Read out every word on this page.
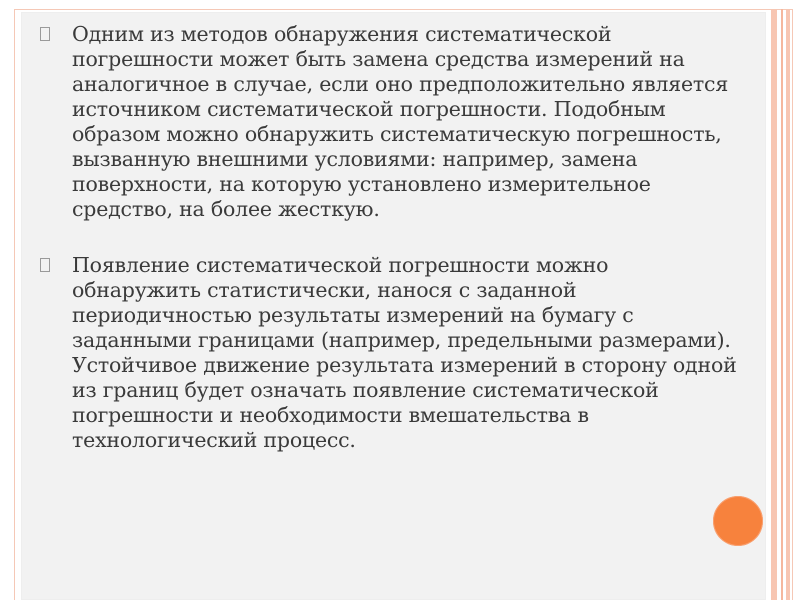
Одним из методов обнаружения систематической погрешности может быть замена средства измерений на аналогичное в случае, если оно предположительно является источником систематической погрешности. Подобным образом можно обнаружить систематическую погрешность, вызванную внешними условиями: например, замена поверхности, на которую установлено измерительное средство, на более жесткую.
Появление систематической погрешности можно обнаружить статистически, нанося с заданной периодичностью результаты измерений на бумагу с заданными границами (например, предельными размерами). Устойчивое движение результата измерений в сторону одной из границ будет означать появление систематической погрешности и необходимости вмешательства в технологический процесс.
